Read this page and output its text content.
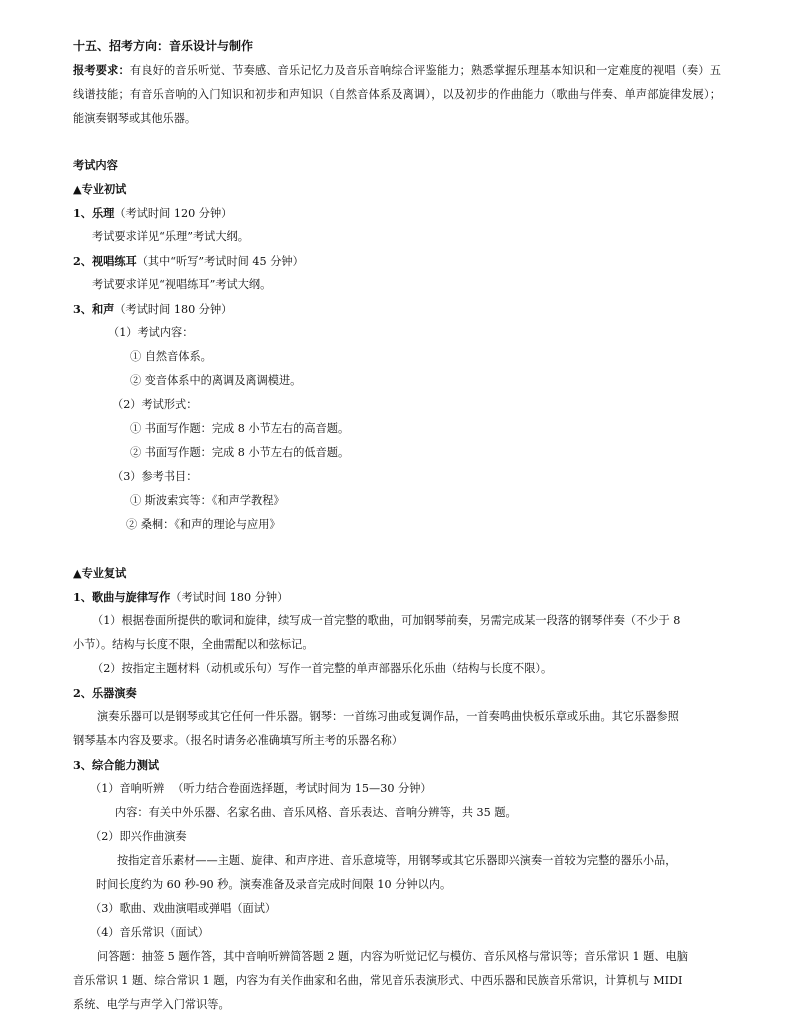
十五、招考方向：音乐设计与制作
报考要求：有良好的音乐听觉、节奏感、音乐记忆力及音乐音响综合评鉴能力；熟悉掌握乐理基本知识和一定难度的视唱（奏）五线谱技能；有音乐音响的入门知识和初步和声知识（自然音体系及离调），以及初步的作曲能力（歌曲与伴奏、单声部旋律发展）；能演奏钢琴或其他乐器。
考试内容
▲专业初试
1、乐理（考试时间 120 分钟）
考试要求详见“乐理”考试大纲。
2、视唱练耳（其中“听写”考试时间 45 分钟）
考试要求详见“视唱练耳”考试大纲。
3、和声（考试时间 180 分钟）
（1）考试内容：
① 自然音体系。
② 变音体系中的离调及离调模进。
（2）考试形式：
① 书面写作题：完成 8 小节左右的高音题。
② 书面写作题：完成 8 小节左右的低音题。
（3）参考书目：
① 斯波索宾等：《和声学教程》
② 桑桐：《和声的理论与应用》
▲专业复试
1、歌曲与旋律写作（考试时间 180 分钟）
（1）根据卷面所提供的歌词和旋律，续写成一首完整的歌曲，可加钢琴前奏，另需完成某一段落的钢琴伴奏（不少于 8
小节）。结构与长度不限，全曲需配以和弦标记。
（2）按指定主题材料（动机或乐句）写作一首完整的单声部器乐化乐曲（结构与长度不限）。
2、乐器演奏
演奏乐器可以是钢琴或其它任何一件乐器。钢琴：一首练习曲或复调作品，一首奏鸣曲快板乐章或乐曲。其它乐器参照
钢琴基本内容及要求。（报名时请务必准确填写所主考的乐器名称）
3、综合能力测试
（1）音响听辨 （听力结合卷面选择题，考试时间为 15—30 分钟）
内容：有关中外乐器、名家名曲、音乐风格、音乐表达、音响分辨等，共 35 题。
（2）即兴作曲演奏
按指定音乐素材——主题、旋律、和声序进、音乐意境等，用钢琴或其它乐器即兴演奏一首较为完整的器乐小品，
时间长度约为 60 秒-90 秒。演奏准备及录音完成时间限 10 分钟以内。
（3）歌曲、戏曲演唱或弹唱（面试）
（4）音乐常识（面试）
问答题：抽签 5 题作答，其中音响听辨简答题 2 题，内容为听觉记忆与模仿、音乐风格与常识等；音乐常识 1 题、电脑
音乐常识 1 题、综合常识 1 题，内容为有关作曲家和名曲，常见音乐表演形式、中西乐器和民族音乐常识，计算机与 MIDI
系统、电学与声学入门常识等。
